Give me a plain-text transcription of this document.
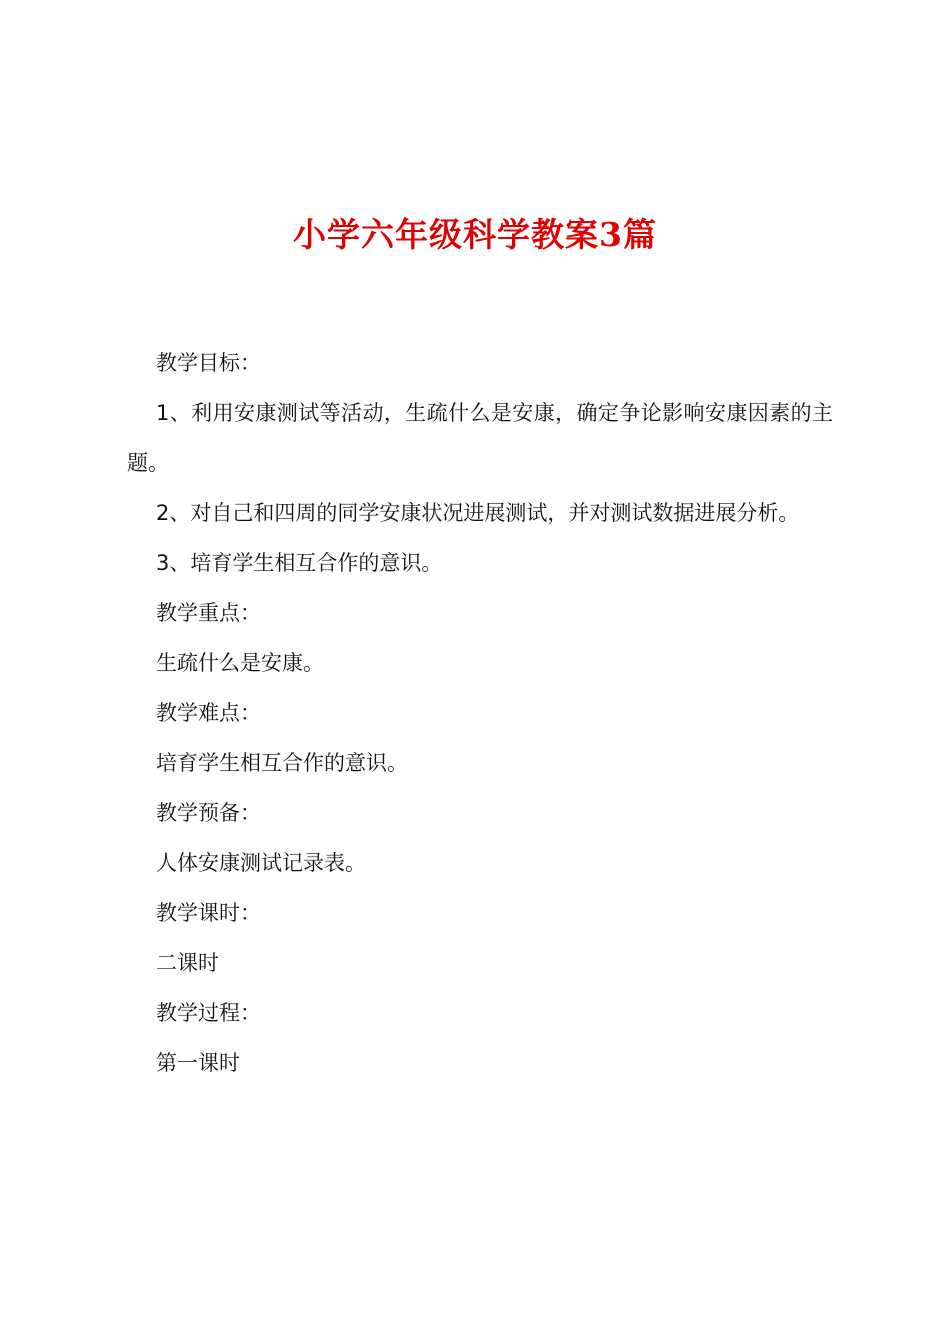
小学六年级科学教案3篇

教学目标：

1、利用安康测试等活动，生疏什么是安康，确定争论影响安康因素的主题。

2、对自己和四周的同学安康状况进展测试，并对测试数据进展分析。

3、培育学生相互合作的意识。

教学重点：

生疏什么是安康。

教学难点：

培育学生相互合作的意识。

教学预备：

人体安康测试记录表。

教学课时：

二课时

教学过程：

第一课时
